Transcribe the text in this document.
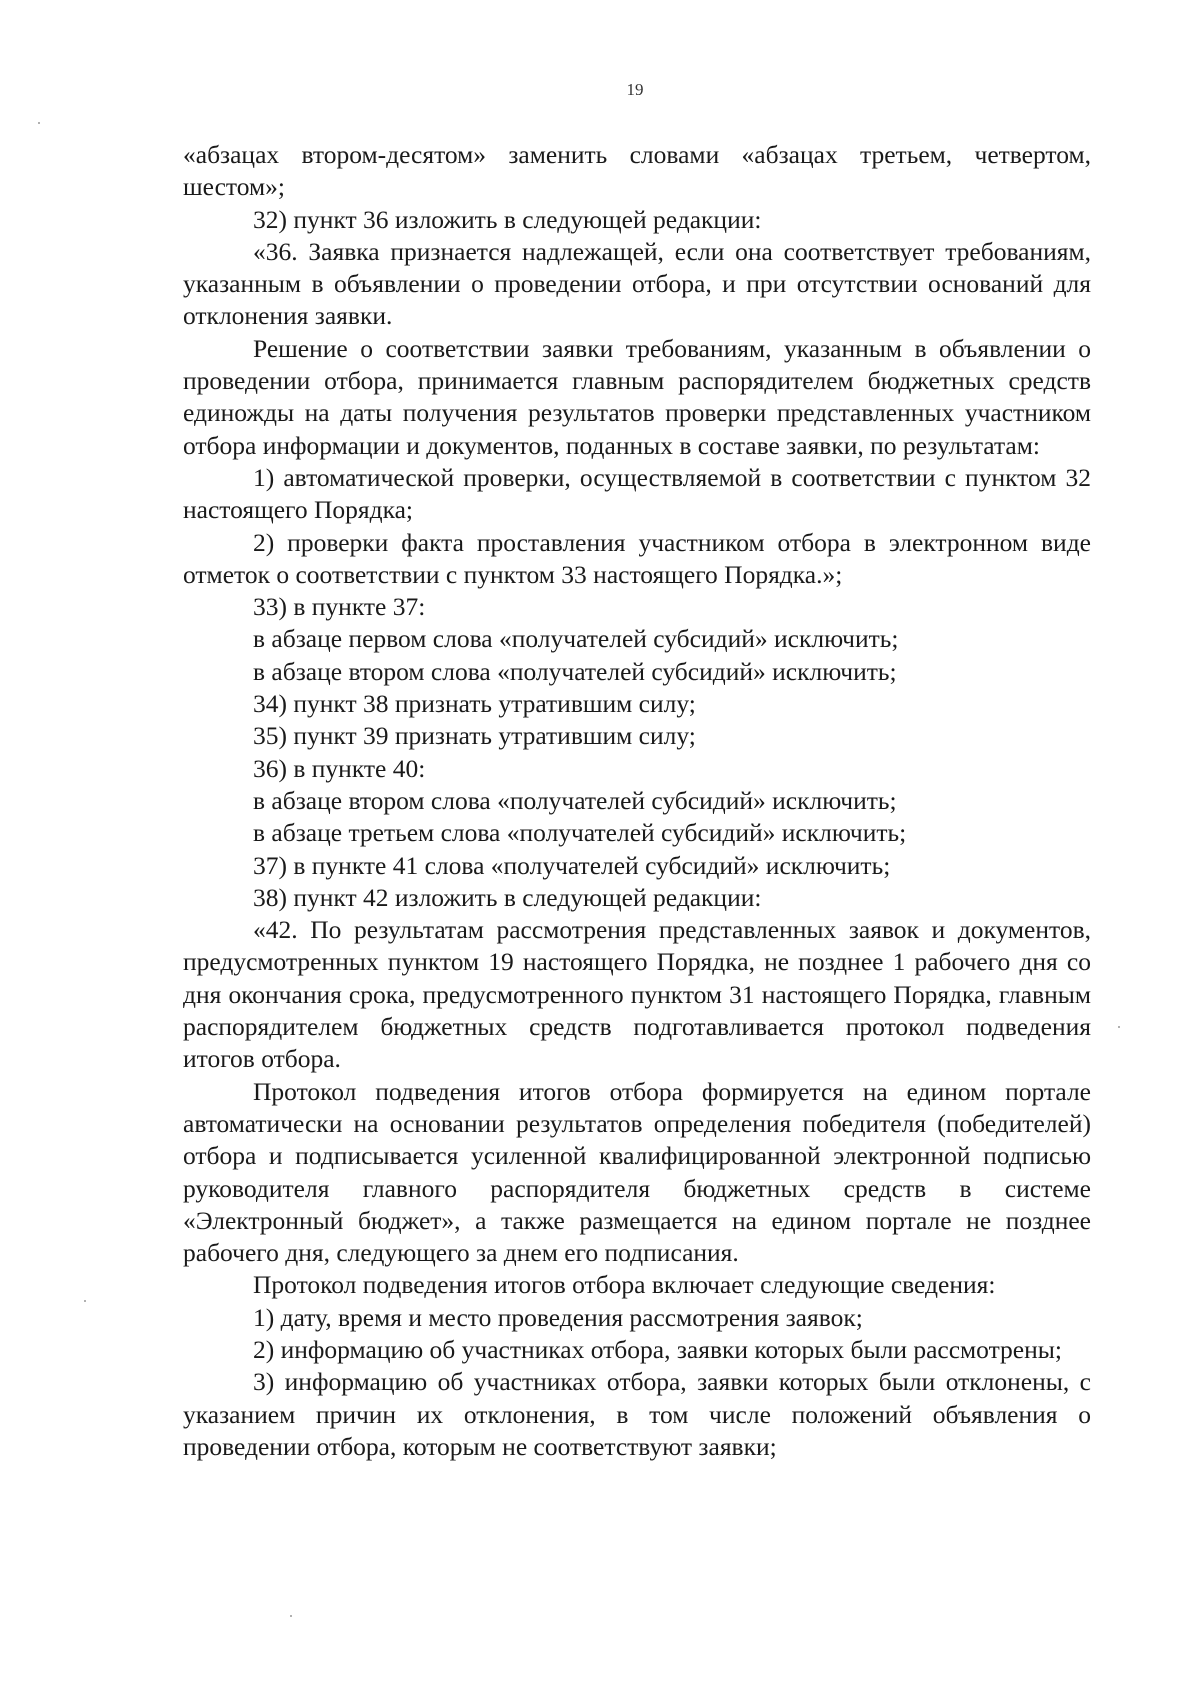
19

«абзацах втором-десятом» заменить словами «абзацах третьем, четвертом, шестом»;

32) пункт 36 изложить в следующей редакции:

«36. Заявка признается надлежащей, если она соответствует требованиям, указанным в объявлении о проведении отбора, и при отсутствии оснований для отклонения заявки.

Решение о соответствии заявки требованиям, указанным в объявлении о проведении отбора, принимается главным распорядителем бюджетных средств единожды на даты получения результатов проверки представленных участником отбора информации и документов, поданных в составе заявки, по результатам:

1) автоматической проверки, осуществляемой в соответствии с пунктом 32 настоящего Порядка;

2) проверки факта проставления участником отбора в электронном виде отметок о соответствии с пунктом 33 настоящего Порядка.»;

33) в пункте 37:

в абзаце первом слова «получателей субсидий» исключить;

в абзаце втором слова «получателей субсидий» исключить;

34) пункт 38 признать утратившим силу;

35) пункт 39 признать утратившим силу;

36) в пункте 40:

в абзаце втором слова «получателей субсидий» исключить;

в абзаце третьем слова «получателей субсидий» исключить;

37) в пункте 41 слова «получателей субсидий» исключить;

38) пункт 42 изложить в следующей редакции:

«42. По результатам рассмотрения представленных заявок и документов, предусмотренных пунктом 19 настоящего Порядка, не позднее 1 рабочего дня со дня окончания срока, предусмотренного пунктом 31 настоящего Порядка, главным распорядителем бюджетных средств подготавливается протокол подведения итогов отбора.

Протокол подведения итогов отбора формируется на едином портале автоматически на основании результатов определения победителя (победителей) отбора и подписывается усиленной квалифицированной электронной подписью руководителя главного распорядителя бюджетных средств в системе «Электронный бюджет», а также размещается на едином портале не позднее рабочего дня, следующего за днем его подписания.

Протокол подведения итогов отбора включает следующие сведения:

1) дату, время и место проведения рассмотрения заявок;

2) информацию об участниках отбора, заявки которых были рассмотрены;

3) информацию об участниках отбора, заявки которых были отклонены, с указанием причин их отклонения, в том числе положений объявления о проведении отбора, которым не соответствуют заявки;
